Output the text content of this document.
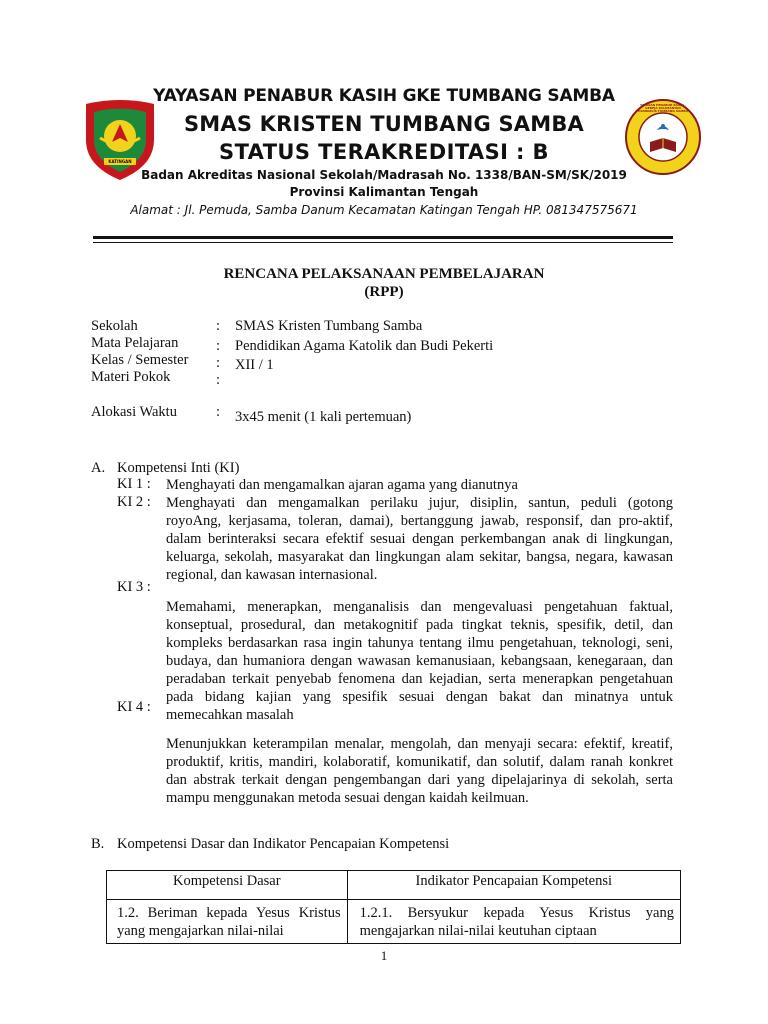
KATINGAN
YAYASAN PENABUR KASIH · GEREJA KALIMANTAN EVANGELIS TUMBANG SAMBA
YAYASAN PENABUR KASIH GKE TUMBANG SAMBA
SMAS KRISTEN TUMBANG SAMBA
STATUS TERAKREDITASI : B
Badan Akreditas Nasional Sekolah/Madrasah No. 1338/BAN-SM/SK/2019
Provinsi Kalimantan Tengah
Alamat : Jl. Pemuda, Samba Danum Kecamatan Katingan Tengah HP. 081347575671
RENCANA PELAKSANAAN PEMBELAJARAN
(RPP)
Sekolah	: SMAS Kristen Tumbang Samba
Mata Pelajaran	: Pendidikan Agama Katolik dan Budi Pekerti
Kelas / Semester : XII / 1
Materi Pokok	:
Alokasi Waktu	: 3x45 menit (1 kali pertemuan)
A. Kompetensi Inti (KI)
KI 1 : Menghayati dan mengamalkan ajaran agama yang dianutnya
KI 2 : Menghayati dan mengamalkan perilaku jujur, disiplin, santun, peduli (gotong royoAng, kerjasama, toleran, damai), bertanggung jawab, responsif, dan pro-aktif, dalam berinteraksi secara efektif sesuai dengan perkembangan anak di lingkungan, keluarga, sekolah, masyarakat dan lingkungan alam sekitar, bangsa, negara, kawasan regional, dan kawasan internasional.
KI 3 :
Memahami, menerapkan, menganalisis dan mengevaluasi pengetahuan faktual, konseptual, prosedural, dan metakognitif pada tingkat teknis, spesifik, detil, dan kompleks berdasarkan rasa ingin tahunya tentang ilmu pengetahuan, teknologi, seni, budaya, dan humaniora dengan wawasan kemanusiaan, kebangsaan, kenegaraan, dan peradaban terkait penyebab fenomena dan kejadian, serta menerapkan pengetahuan pada bidang kajian yang spesifik sesuai dengan bakat dan minatnya untuk memecahkan masalah
KI 4 :
Menunjukkan keterampilan menalar, mengolah, dan menyaji secara: efektif, kreatif, produktif, kritis, mandiri, kolaboratif, komunikatif, dan solutif, dalam ranah konkret dan abstrak terkait dengan pengembangan dari yang dipelajarinya di sekolah, serta mampu menggunakan metoda sesuai dengan kaidah keilmuan.
B. Kompetensi Dasar dan Indikator Pencapaian Kompetensi
Kompetensi Dasar	Indikator Pencapaian Kompetensi
1.2. Beriman kepada Yesus Kristus yang mengajarkan nilai-nilai	1.2.1. Bersyukur kepada Yesus Kristus yang mengajarkan nilai-nilai keutuhan ciptaan
1
